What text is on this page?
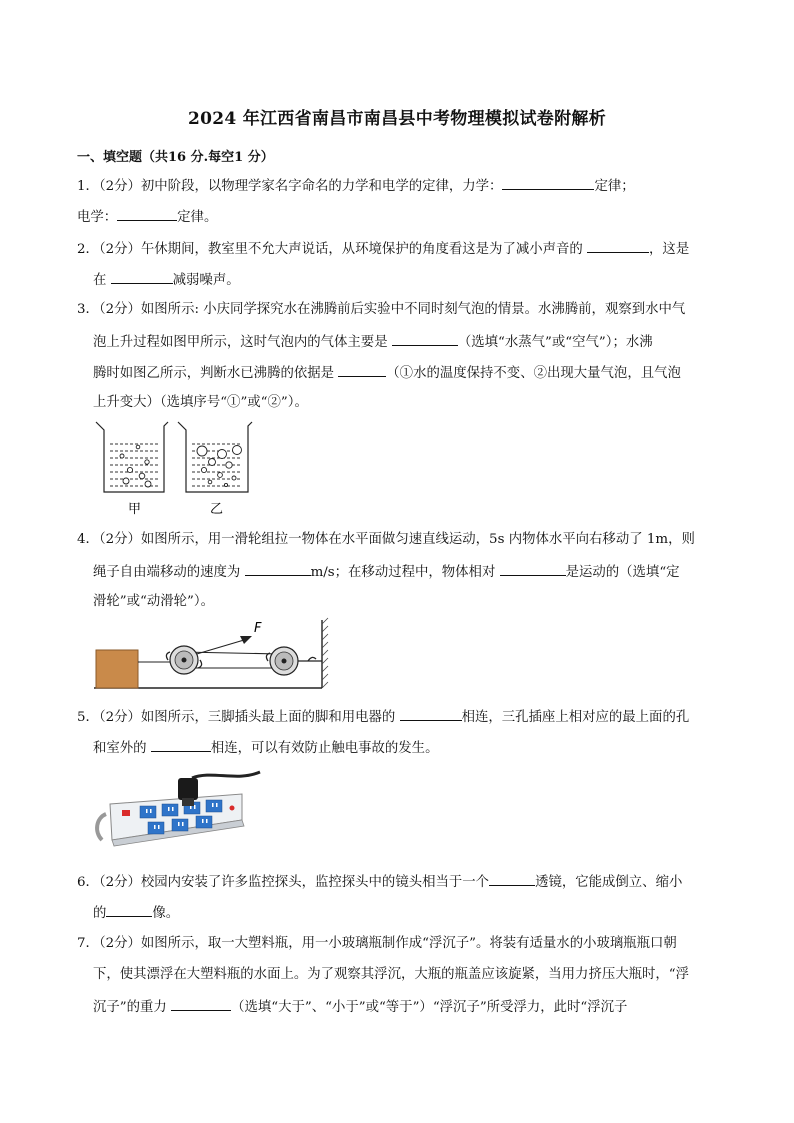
2024 年江西省南昌市南昌县中考物理模拟试卷附解析
一、填空题（共16 分.每空1 分）
1．（2分）初中阶段，以物理学家名字命名的力学和电学的定律，力学：	定律；
电学：	定律。
2．（2分）午休期间，教室里不允大声说话，从环境保护的角度看这是为了减小声音的	，这是
在	减弱噪声。
3．（2分）如图所示: 小庆同学探究水在沸腾前后实验中不同时刻气泡的情景。水沸腾前，观察到水中气
泡上升过程如图甲所示，这时气泡内的气体主要是	（选填“水蒸气”或“空气”）；水沸
腾时如图乙所示，判断水已沸腾的依据是	（①水的温度保持不变、②出现大量气泡，且气泡
上升变大）（选填序号“①”或“②”）。
甲	乙
4．（2分）如图所示，用一滑轮组拉一物体在水平面做匀速直线运动，5s 内物体水平向右移动了 1m，则
绳子自由端移动的速度为	m/s；在移动过程中，物体相对	是运动的（选填“定
滑轮”或“动滑轮”）。
F
5．（2分）如图所示，三脚插头最上面的脚和用电器的	相连，三孔插座上相对应的最上面的孔
和室外的	相连，可以有效防止触电事故的发生。
6．（2分）校园内安装了许多监控探头，监控探头中的镜头相当于一个	透镜，它能成倒立、缩小
的	像。
7．（2分）如图所示，取一大塑料瓶，用一小玻璃瓶制作成“浮沉子”。将装有适量水的小玻璃瓶瓶口朝
下，使其漂浮在大塑料瓶的水面上。为了观察其浮沉，大瓶的瓶盖应该旋紧，当用力挤压大瓶时，“浮
沉子”的重力	（选填“大于”、“小于”或“等于”）“浮沉子”所受浮力，此时“浮沉子
